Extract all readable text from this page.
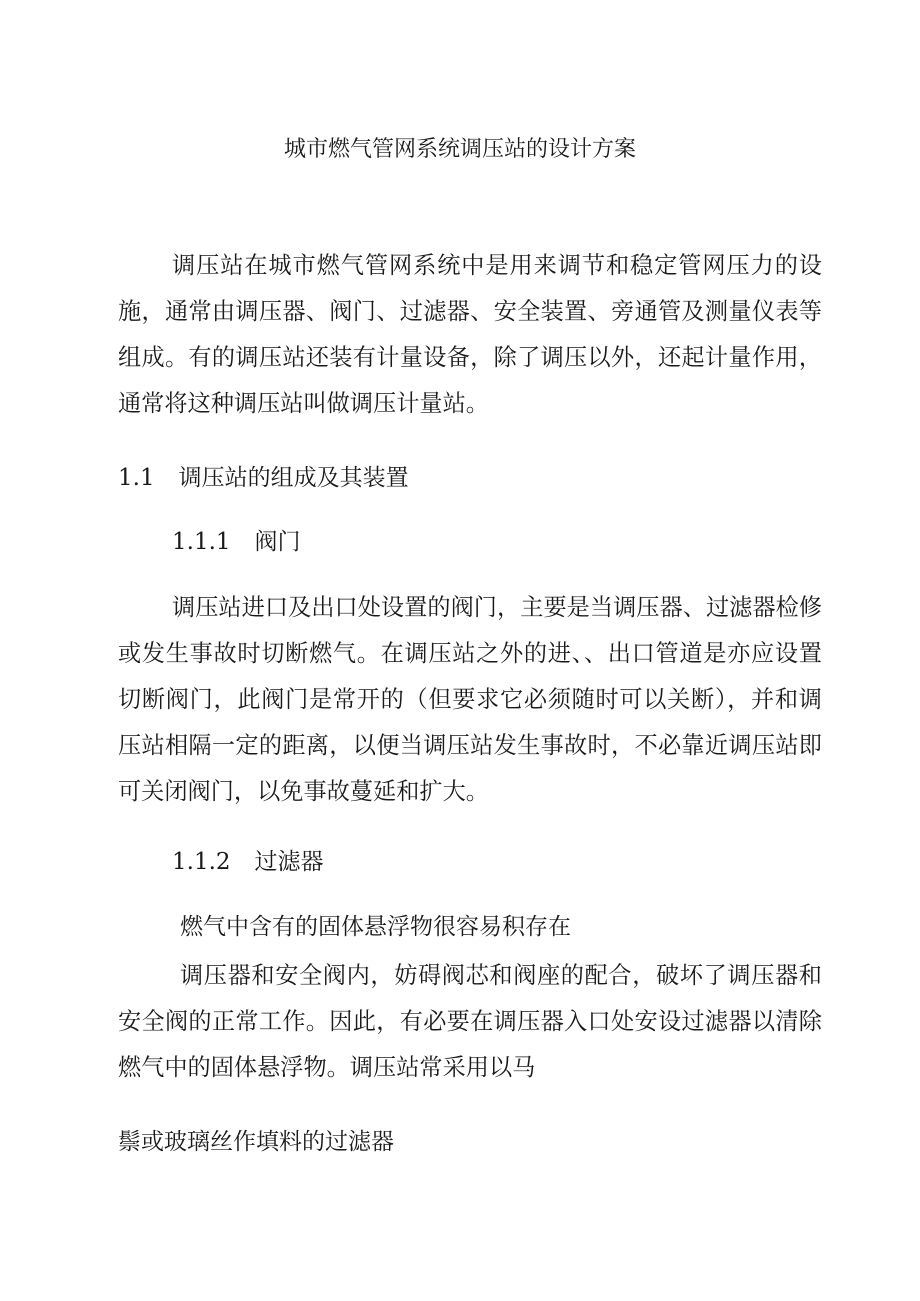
城市燃气管网系统调压站的设计方案

调压站在城市燃气管网系统中是用来调节和稳定管网压力的设施，通常由调压器、阀门、过滤器、安全装置、旁通管及测量仪表等组成。有的调压站还装有计量设备，除了调压以外，还起计量作用，通常将这种调压站叫做调压计量站。

1.1 调压站的组成及其装置
1.1.1 阀门

调压站进口及出口处设置的阀门，主要是当调压器、过滤器检修或发生事故时切断燃气。在调压站之外的进、、出口管道是亦应设置切断阀门，此阀门是常开的（但要求它必须随时可以关断），并和调压站相隔一定的距离，以便当调压站发生事故时，不必靠近调压站即可关闭阀门，以免事故蔓延和扩大。

1.1.2 过滤器
燃气中含有的固体悬浮物很容易积存在

调压器和安全阀内，妨碍阀芯和阀座的配合，破坏了调压器和安全阀的正常工作。因此，有必要在调压器入口处安设过滤器以清除燃气中的固体悬浮物。调压站常采用以马

鬃或玻璃丝作填料的过滤器
